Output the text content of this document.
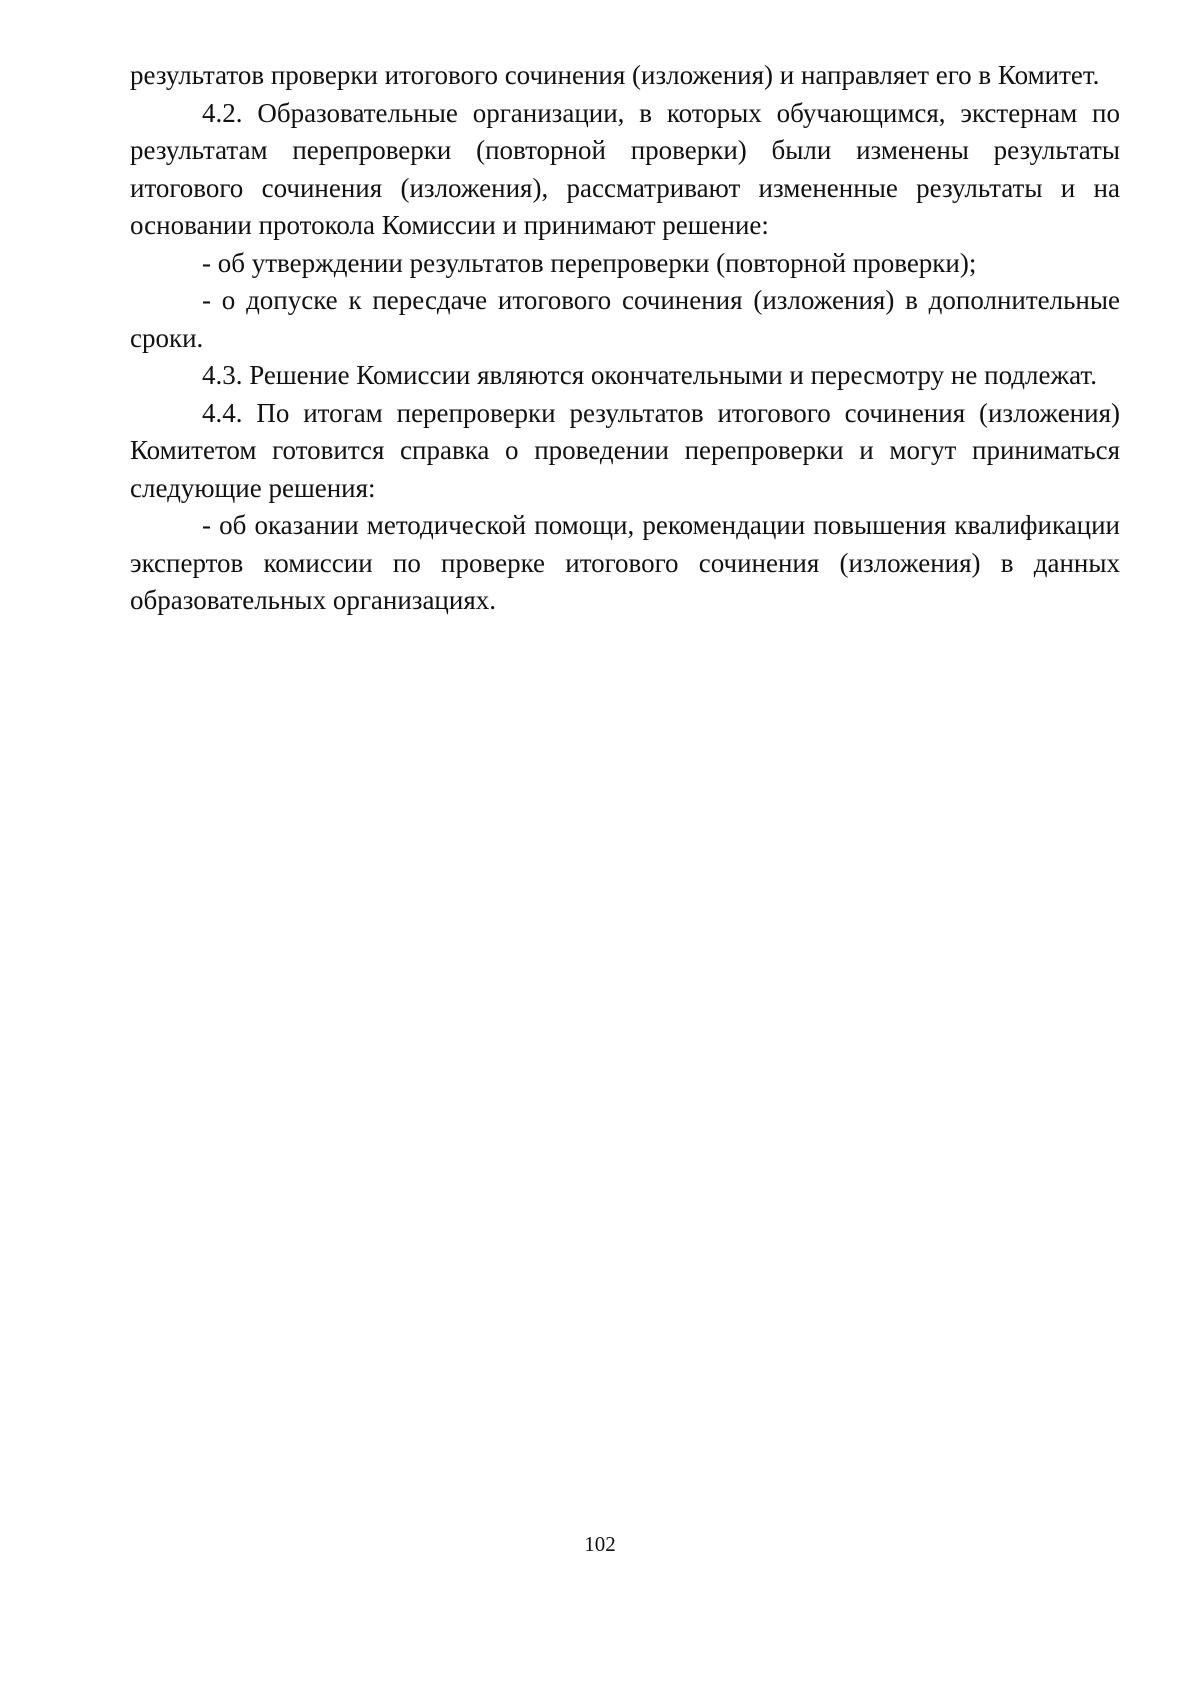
результатов проверки итогового сочинения (изложения) и направляет его в Комитет.

4.2. Образовательные организации, в которых обучающимся, экстернам по результатам перепроверки (повторной проверки) были изменены результаты итогового сочинения (изложения), рассматривают измененные результаты и на основании протокола Комиссии и принимают решение:

- об утверждении результатов перепроверки (повторной проверки);

- о допуске к пересдаче итогового сочинения (изложения) в дополнительные сроки.

4.3. Решение Комиссии являются окончательными и пересмотру не подлежат.

4.4. По итогам перепроверки результатов итогового сочинения (изложения) Комитетом готовится справка о проведении перепроверки и могут приниматься следующие решения:

- об оказании методической помощи, рекомендации повышения квалификации экспертов комиссии по проверке итогового сочинения (изложения) в данных образовательных организациях.

102
